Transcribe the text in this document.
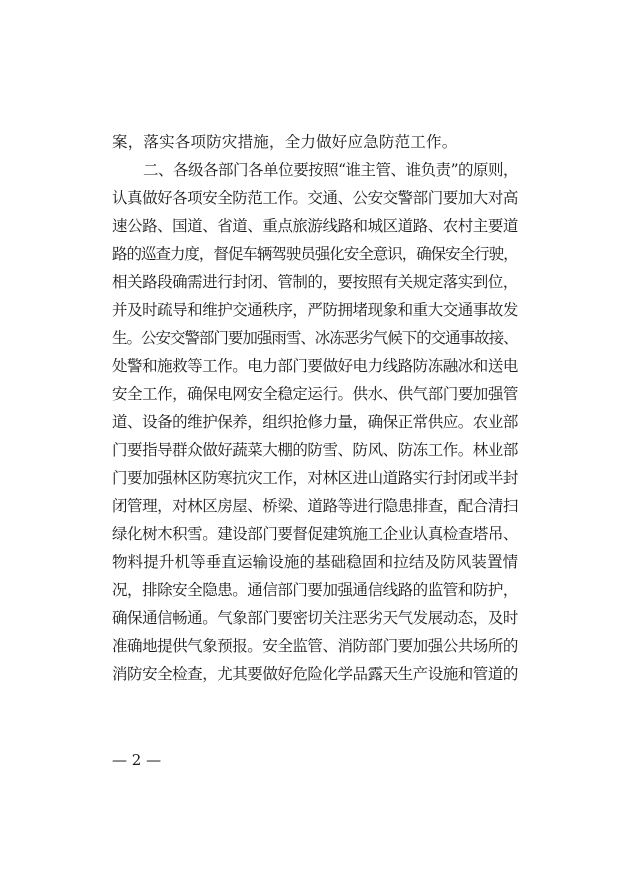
案，落实各项防灾措施，全力做好应急防范工作。
二、各级各部门各单位要按照“谁主管、谁负责”的原则，
认真做好各项安全防范工作。交通、公安交警部门要加大对高
速公路、国道、省道、重点旅游线路和城区道路、农村主要道
路的巡查力度，督促车辆驾驶员强化安全意识，确保安全行驶，
相关路段确需进行封闭、管制的，要按照有关规定落实到位，
并及时疏导和维护交通秩序，严防拥堵现象和重大交通事故发
生。公安交警部门要加强雨雪、冰冻恶劣气候下的交通事故接、
处警和施救等工作。电力部门要做好电力线路防冻融冰和送电
安全工作，确保电网安全稳定运行。供水、供气部门要加强管
道、设备的维护保养，组织抢修力量，确保正常供应。农业部
门要指导群众做好蔬菜大棚的防雪、防风、防冻工作。林业部
门要加强林区防寒抗灾工作，对林区进山道路实行封闭或半封
闭管理，对林区房屋、桥梁、道路等进行隐患排查，配合清扫
绿化树木积雪。建设部门要督促建筑施工企业认真检查塔吊、
物料提升机等垂直运输设施的基础稳固和拉结及防风装置情
况，排除安全隐患。通信部门要加强通信线路的监管和防护，
确保通信畅通。气象部门要密切关注恶劣天气发展动态，及时
准确地提供气象预报。安全监管、消防部门要加强公共场所的
消防安全检查，尤其要做好危险化学品露天生产设施和管道的
— 2 —
